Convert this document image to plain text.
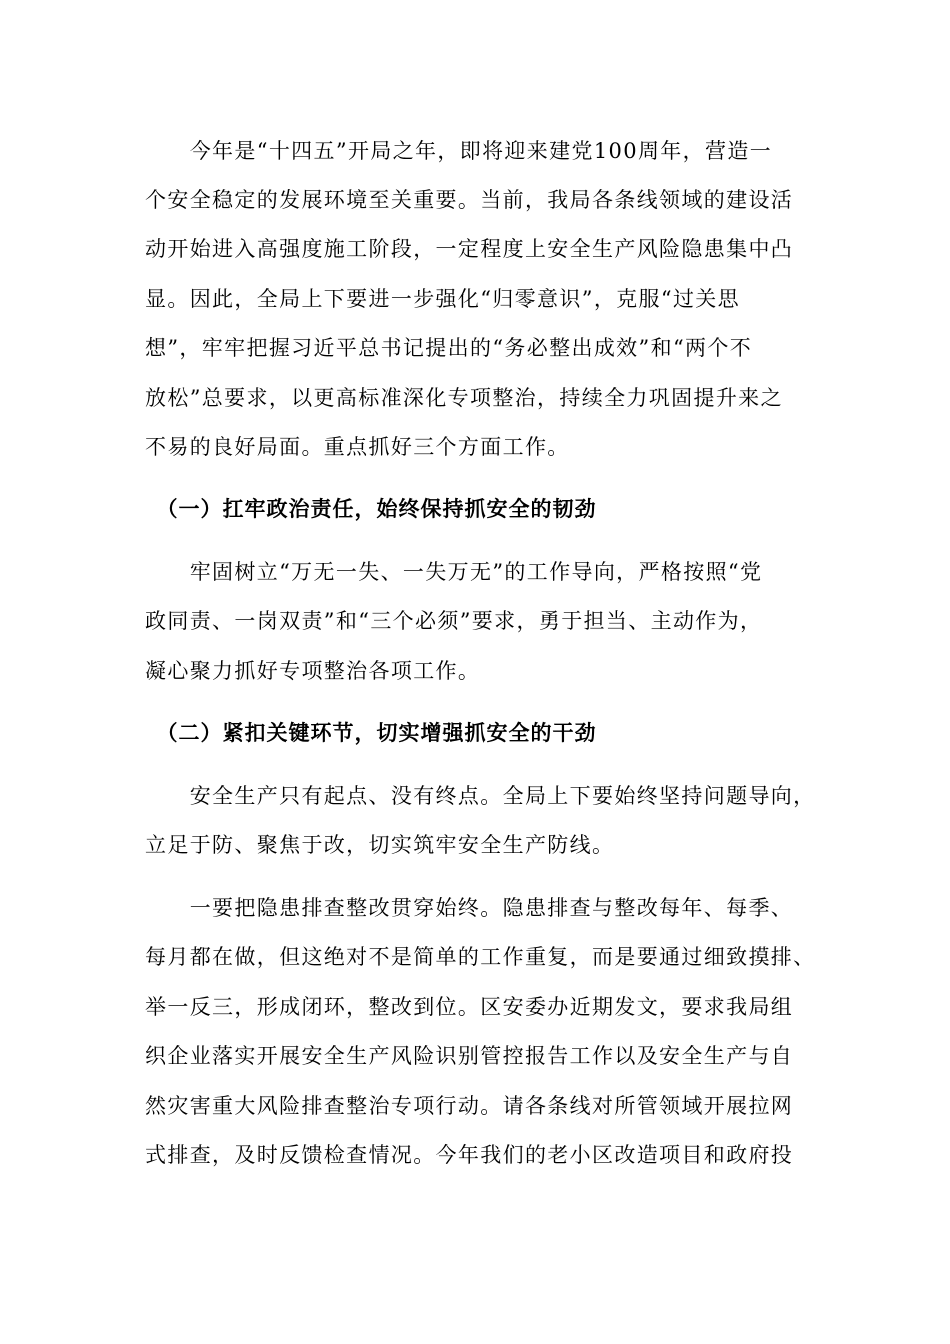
　　今年是“十四五”开局之年，即将迎来建党100周年，营造一
个安全稳定的发展环境至关重要。当前，我局各条线领域的建设活
动开始进入高强度施工阶段，一定程度上安全生产风险隐患集中凸
显。因此，全局上下要进一步强化“归零意识”，克服“过关思
想”，牢牢把握习近平总书记提出的“务必整出成效”和“两个不
放松”总要求，以更高标准深化专项整治，持续全力巩固提升来之
不易的良好局面。重点抓好三个方面工作。
　（一）扛牢政治责任，始终保持抓安全的韧劲
　　牢固树立“万无一失、一失万无”的工作导向，严格按照“党
政同责、一岗双责”和“三个必须”要求，勇于担当、主动作为，
凝心聚力抓好专项整治各项工作。
　（二）紧扣关键环节，切实增强抓安全的干劲
　　安全生产只有起点、没有终点。全局上下要始终坚持问题导向，
立足于防、聚焦于改，切实筑牢安全生产防线。
　　一要把隐患排查整改贯穿始终。隐患排查与整改每年、每季、
每月都在做，但这绝对不是简单的工作重复，而是要通过细致摸排、
举一反三，形成闭环，整改到位。区安委办近期发文，要求我局组
织企业落实开展安全生产风险识别管控报告工作以及安全生产与自
然灾害重大风险排查整治专项行动。请各条线对所管领域开展拉网
式排查，及时反馈检查情况。今年我们的老小区改造项目和政府投
